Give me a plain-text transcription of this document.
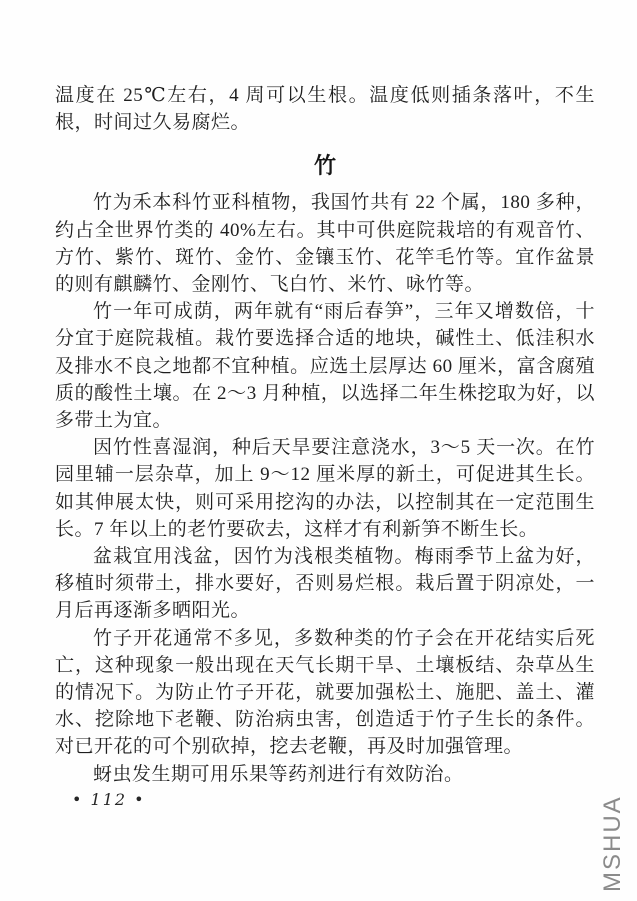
温度在 25℃左右，4 周可以生根。温度低则插条落叶，不生根，时间过久易腐烂。

竹

竹为禾本科竹亚科植物，我国竹共有 22 个属，180 多种，约占全世界竹类的 40%左右。其中可供庭院栽培的有观音竹、方竹、紫竹、斑竹、金竹、金镶玉竹、花竿毛竹等。宜作盆景的则有麒麟竹、金刚竹、飞白竹、米竹、咏竹等。

竹一年可成荫，两年就有“雨后春笋”，三年又增数倍，十分宜于庭院栽植。栽竹要选择合适的地块，碱性土、低洼积水及排水不良之地都不宜种植。应选土层厚达 60 厘米，富含腐殖质的酸性土壤。在 2～3 月种植，以选择二年生株挖取为好，以多带土为宜。

因竹性喜湿润，种后天旱要注意浇水，3～5 天一次。在竹园里辅一层杂草，加上 9～12 厘米厚的新土，可促进其生长。如其伸展太快，则可采用挖沟的办法，以控制其在一定范围生长。7 年以上的老竹要砍去，这样才有利新笋不断生长。

盆栽宜用浅盆，因竹为浅根类植物。梅雨季节上盆为好，移植时须带土，排水要好，否则易烂根。栽后置于阴凉处，一月后再逐渐多晒阳光。

竹子开花通常不多见，多数种类的竹子会在开花结实后死亡，这种现象一般出现在天气长期干旱、土壤板结、杂草丛生的情况下。为防止竹子开花，就要加强松土、施肥、盖土、灌水、挖除地下老鞭、防治病虫害，创造适于竹子生长的条件。对已开花的可个别砍掉，挖去老鞭，再及时加强管理。

蚜虫发生期可用乐果等药剂进行有效防治。

• 112 •	MSHUA
